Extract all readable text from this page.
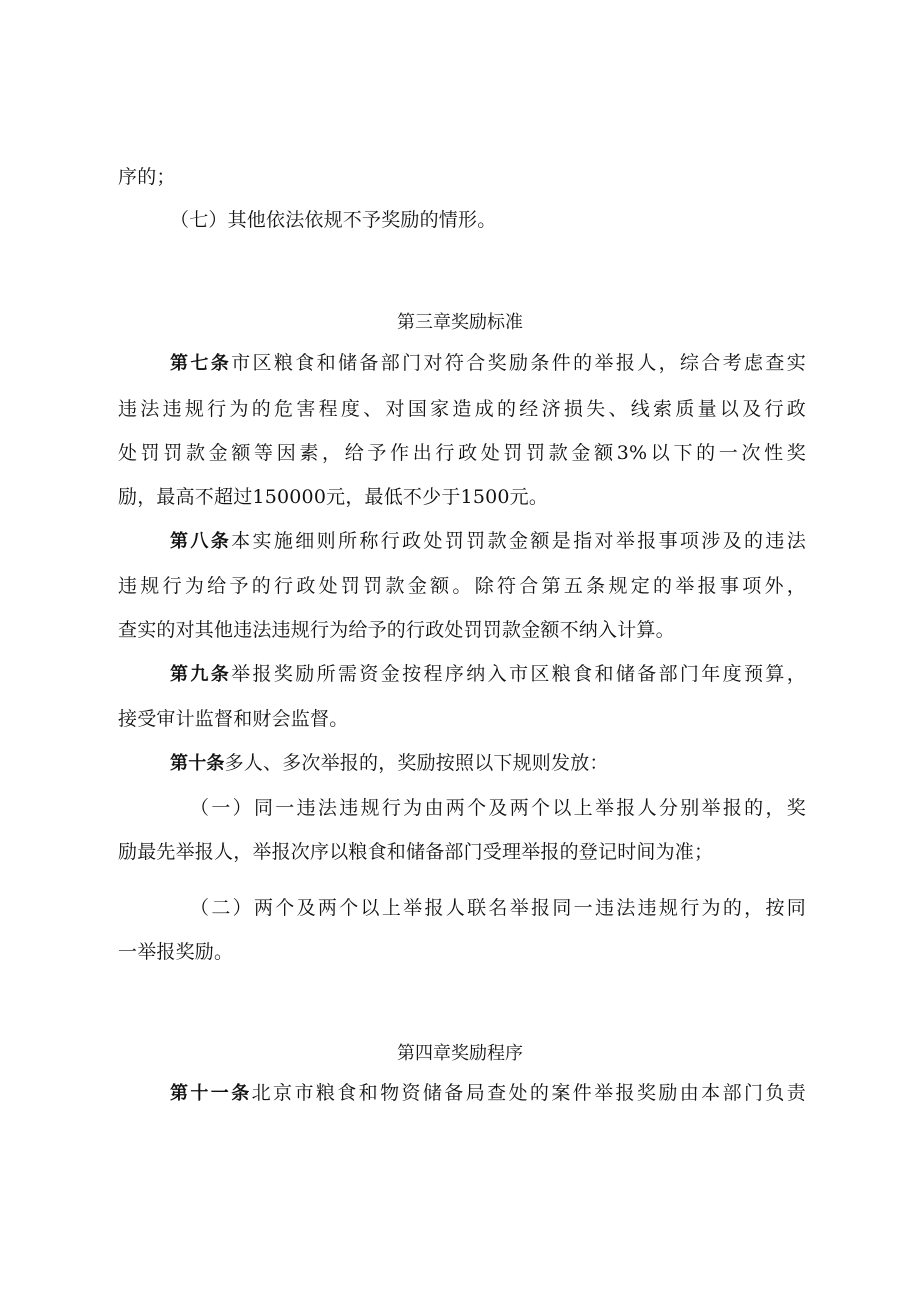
序的；
（七）其他依法依规不予奖励的情形。
第三章奖励标准
第七条市区粮食和储备部门对符合奖励条件的举报人，综合考虑查实
违法违规行为的危害程度、对国家造成的经济损失、线索质量以及行政
处罚罚款金额等因素，给予作出行政处罚罚款金额3%以下的一次性奖
励，最高不超过150000元，最低不少于1500元。
第八条本实施细则所称行政处罚罚款金额是指对举报事项涉及的违法
违规行为给予的行政处罚罚款金额。除符合第五条规定的举报事项外，
查实的对其他违法违规行为给予的行政处罚罚款金额不纳入计算。
第九条举报奖励所需资金按程序纳入市区粮食和储备部门年度预算，
接受审计监督和财会监督。
第十条多人、多次举报的，奖励按照以下规则发放：
（一）同一违法违规行为由两个及两个以上举报人分别举报的，奖
励最先举报人，举报次序以粮食和储备部门受理举报的登记时间为准；
（二）两个及两个以上举报人联名举报同一违法违规行为的，按同
一举报奖励。
第四章奖励程序
第十一条北京市粮食和物资储备局查处的案件举报奖励由本部门负责
